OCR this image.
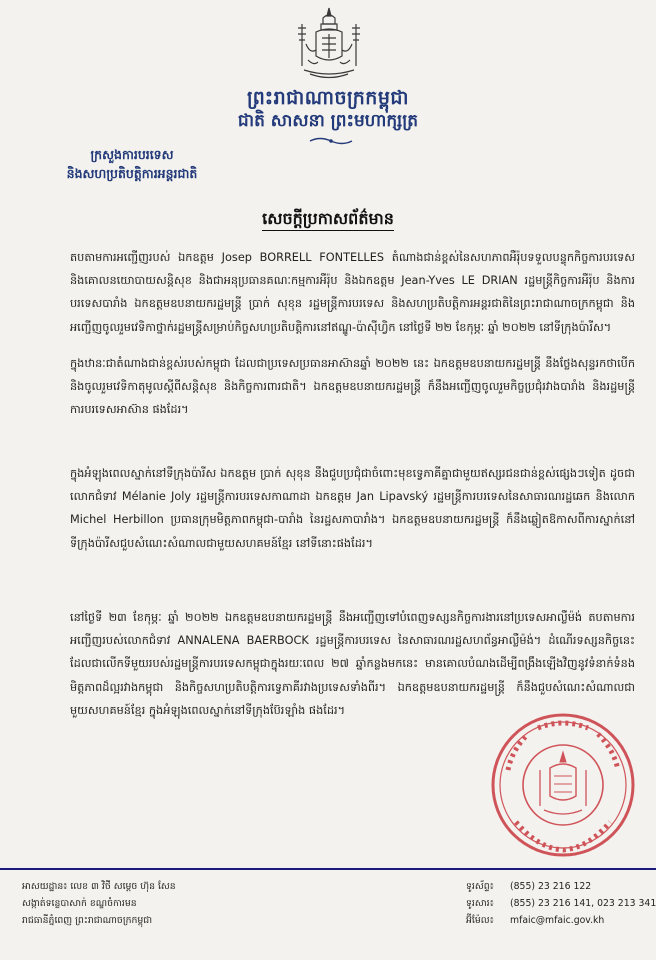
ព្រះរាជាណាចក្រកម្ពុជា
ជាតិ សាសនា ព្រះមហាក្សត្រ
ក្រសួងការបរទេស
និងសហប្រតិបត្តិការអន្តរជាតិ
សេចក្តីប្រកាសព័ត៌មាន
តបតាមការអញ្ជើញរបស់ ឯកឧត្តម Josep BORRELL FONTELLES តំណាងជាន់ខ្ពស់នៃសហភាពអឺរ៉ុបទទួលបន្ទុកកិច្ចការបរទេស និងគោលនយោបាយសន្តិសុខ និងជាអនុប្រធានគណៈកម្មការអឺរ៉ុប និងឯកឧត្តម Jean-Yves LE DRIAN រដ្ឋមន្ត្រីកិច្ចការអឺរ៉ុប និងការបរទេសបារាំង ឯកឧត្តមឧបនាយករដ្ឋមន្ត្រី ប្រាក់ សុខុន រដ្ឋមន្ត្រីការបរទេស និងសហប្រតិបត្តិការអន្តរជាតិនៃព្រះរាជាណាចក្រកម្ពុជា និងអញ្ជើញចូលរួមវេទិកាថ្នាក់រដ្ឋមន្ត្រីសម្រាប់កិច្ចសហប្រតិបត្តិការនៅឥណ្ឌូ-ប៉ាស៊ីហ្វិក នៅថ្ងៃទី ២២ ខែកុម្ភៈ ឆ្នាំ ២០២២ នៅទីក្រុងប៉ារីស។
ក្នុងឋានៈជាតំណាងជាន់ខ្ពស់របស់កម្ពុជា ដែលជាប្រទេសប្រធានអាស៊ានឆ្នាំ ២០២២ នេះ ឯកឧត្តមឧបនាយករដ្ឋមន្ត្រី នឹងថ្លែងសុន្ទរកថាបើក និងចូលរួមវេទិកាតុមូលស្តីពីសន្តិសុខ និងកិច្ចការពារជាតិ។ ឯកឧត្តមឧបនាយករដ្ឋមន្ត្រី ក៏នឹងអញ្ជើញចូលរួមកិច្ចប្រជុំរវាងបារាំង និងរដ្ឋមន្ត្រីការបរទេសអាស៊ាន ផងដែរ។
ក្នុងអំឡុងពេលស្នាក់នៅទីក្រុងប៉ារីស ឯកឧត្តម ប្រាក់ សុខុន នឹងជួបប្រជុំជាចំពោះមុខទ្វេភាគីគ្នាជាមួយឥស្សរជនជាន់ខ្ពស់ផ្សេងៗទៀត ដូចជា លោកជំទាវ Mélanie Joly រដ្ឋមន្ត្រីការបរទេសកាណាដា ឯកឧត្តម Jan Lipavský រដ្ឋមន្ត្រីការបរទេសនៃសាធារណរដ្ឋឆេក និងលោក Michel Herbillon ប្រធានក្រុមមិត្តភាពកម្ពុជា-បារាំង នៃរដ្ឋសភាបារាំង។ ឯកឧត្តមឧបនាយករដ្ឋមន្ត្រី ក៏នឹងឆ្លៀតឱកាសពីការស្នាក់នៅទីក្រុងប៉ារីសជួបសំណេះសំណាលជាមួយសហគមន៍ខ្មែរ នៅទីនោះផងដែរ។
នៅថ្ងៃទី ២៣ ខែកុម្ភៈ ឆ្នាំ ២០២២ ឯកឧត្តមឧបនាយករដ្ឋមន្ត្រី នឹងអញ្ជើញទៅបំពេញទស្សនកិច្ចការងារនៅប្រទេសអាល្លឺម៉ង់ តបតាមការអញ្ជើញរបស់លោកជំទាវ ANNALENA BAERBOCK រដ្ឋមន្ត្រីការបរទេស នៃសាធារណរដ្ឋសហព័ន្ធអាល្លឺម៉ង់។ ដំណើរទស្សនកិច្ចនេះ ដែលជាលើកទីមួយរបស់រដ្ឋមន្ត្រីការបរទេសកម្ពុជាក្នុងរយៈពេល ២៧ ឆ្នាំកន្លងមកនេះ មានគោលបំណងដើម្បីពង្រឹងឡើងវិញនូវទំនាក់ទំនងមិត្តភាពដ៏ល្អរវាងកម្ពុជា និងកិច្ចសហប្រតិបត្តិការទ្វេភាគីរវាងប្រទេសទាំងពីរ។ ឯកឧត្តមឧបនាយករដ្ឋមន្ត្រី ក៏នឹងជួបសំណេះសំណាលជាមួយសហគមន៍ខ្មែរ ក្នុងអំឡុងពេលស្នាក់នៅទីក្រុងប៊ែរឡាំង ផងដែរ។
អាសយដ្ឋាន៖ លេខ ៣ វិថី សម្តេច ហ៊ុន សែន
សង្កាត់ទន្លេបាសាក់ ខណ្ឌចំការមន
រាជធានីភ្នំពេញ ព្រះរាជាណាចក្រកម្ពុជា
ទូរស័ព្ទ៖ (855) 23 216 122
ទូរសារ៖ (855) 23 216 141, 023 213 341
អ៊ីម៉ែល៖ mfaic@mfaic.gov.kh
